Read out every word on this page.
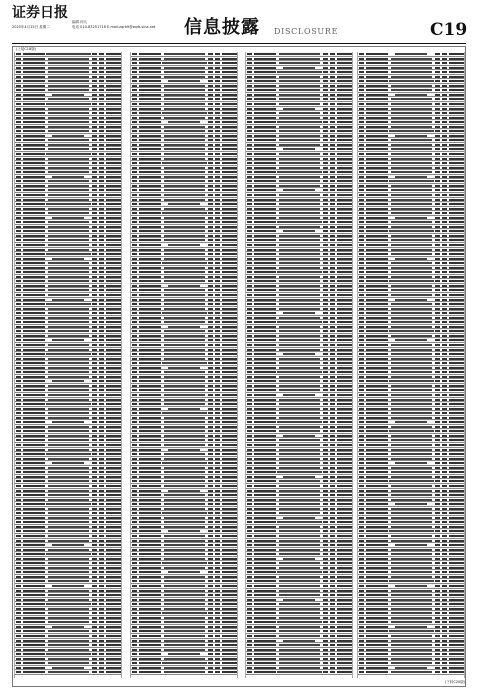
证券日报
2025年4月15日 星期二
编辑 何凡
电话 010-83251716 E-mail:zqrb9@zqrb.sina.net 信息披露 DISCLOSURE	C19
(上接C18版)
(下转C20版)
